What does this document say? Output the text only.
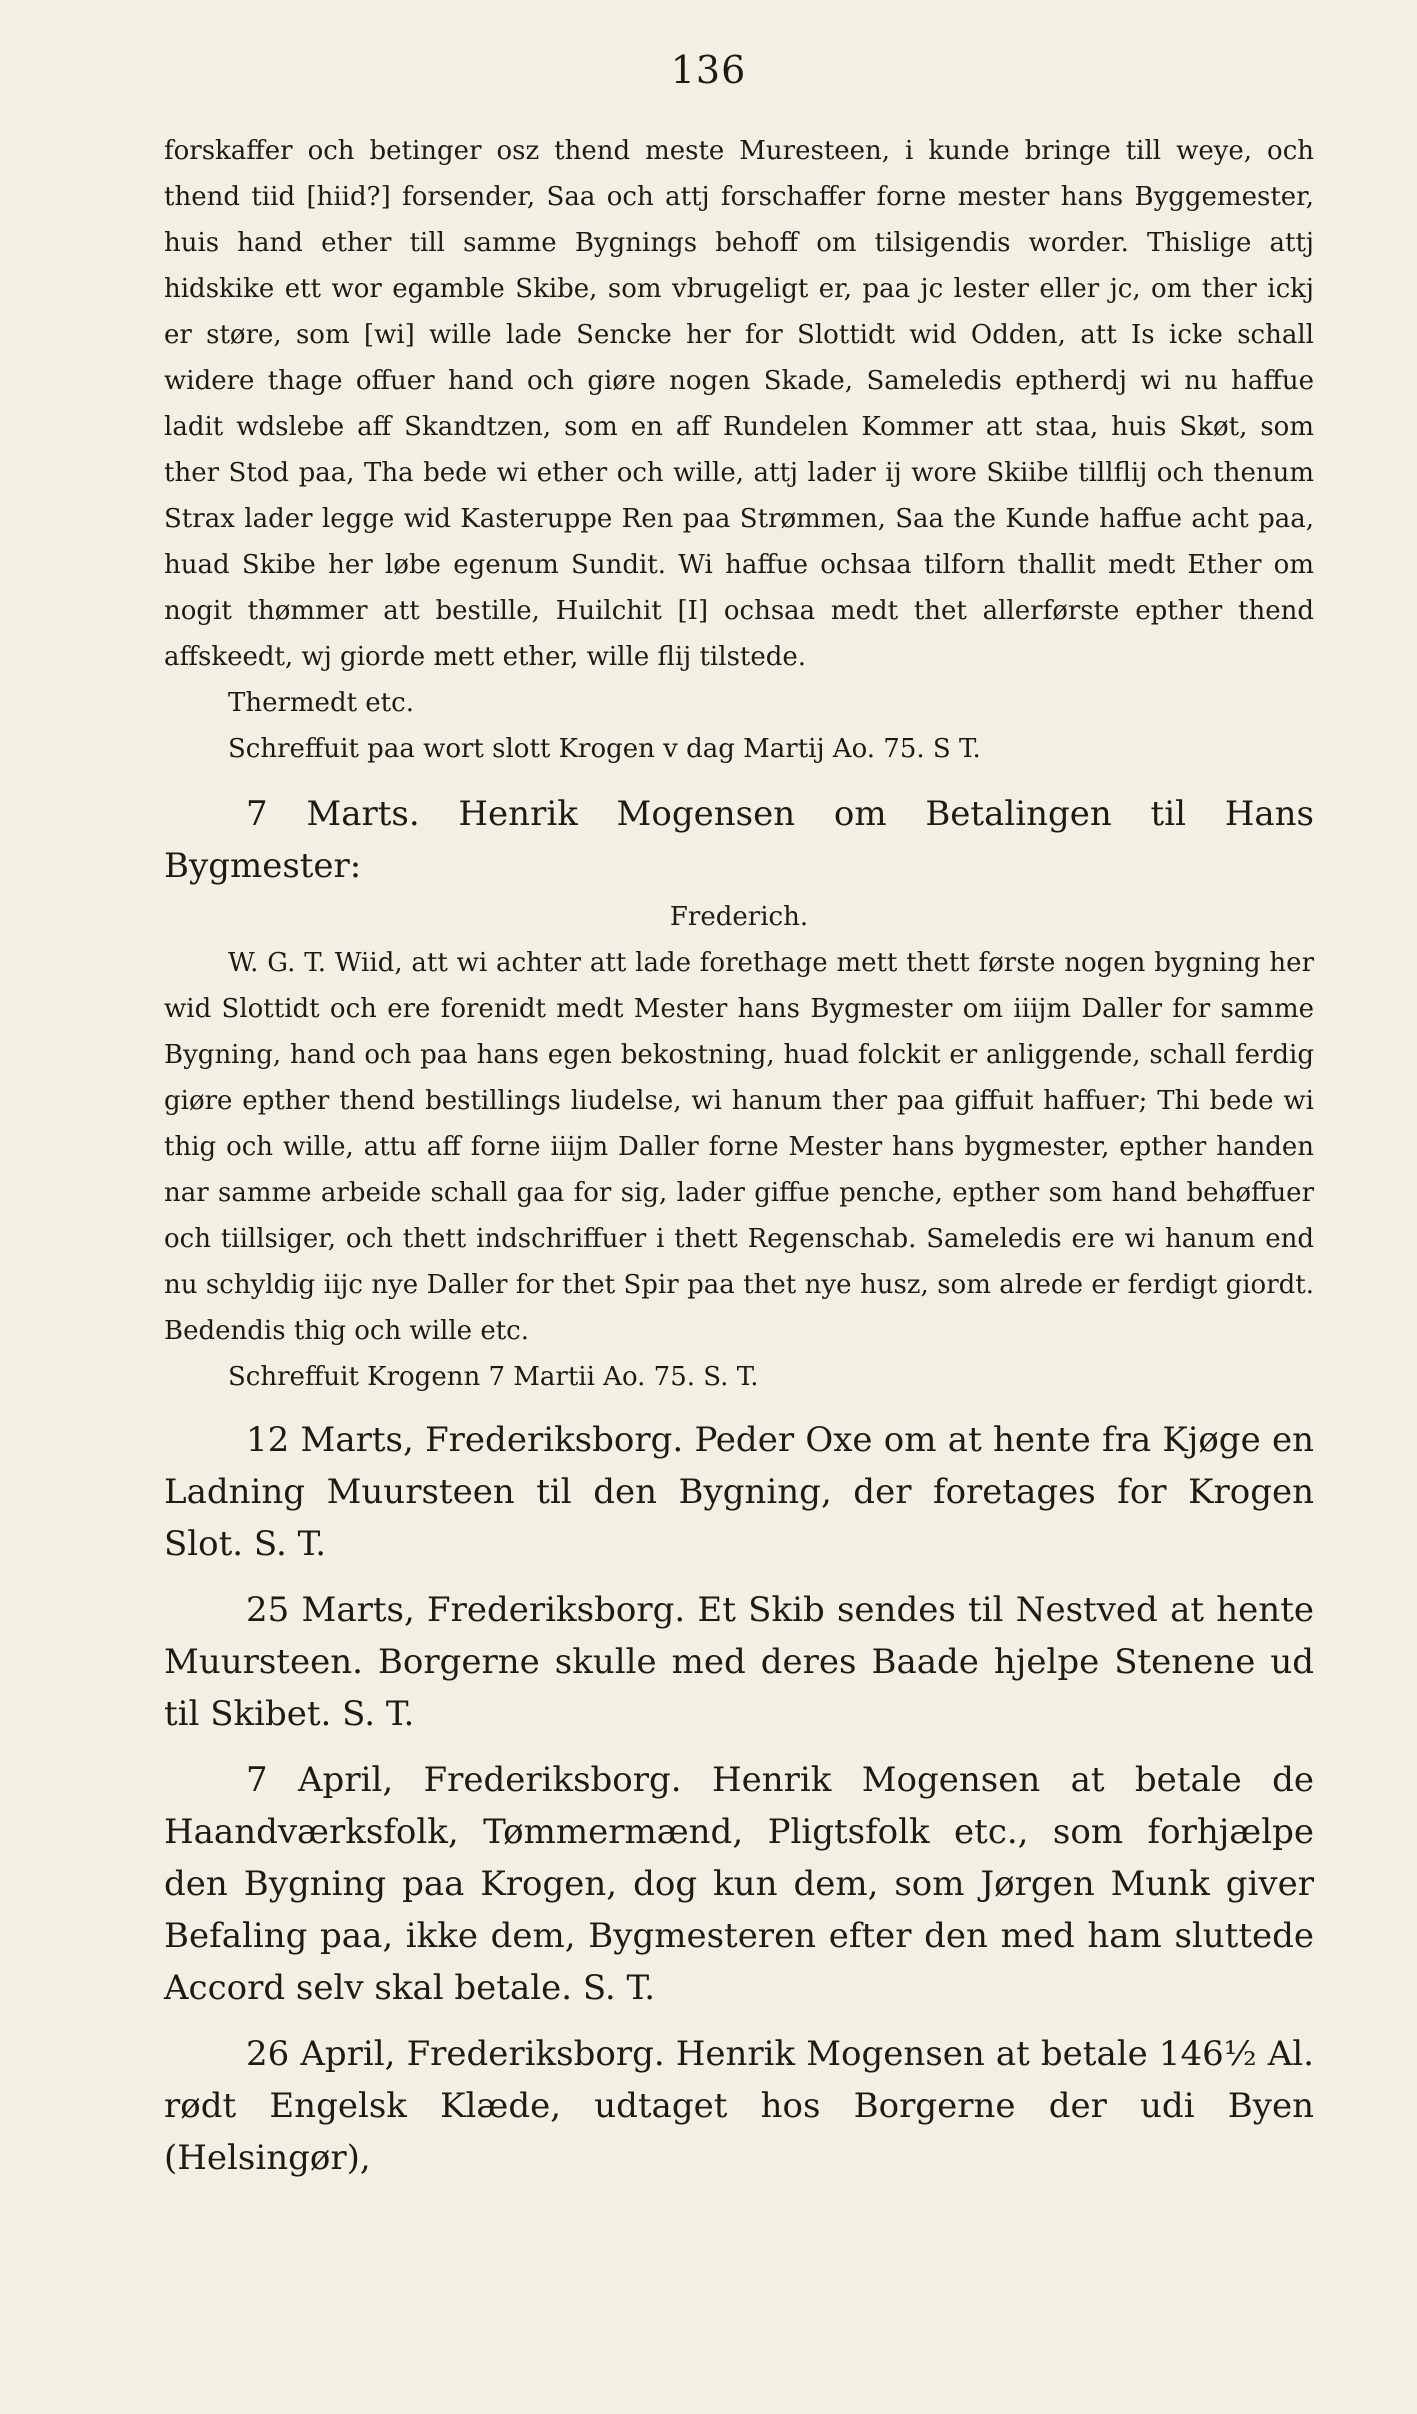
136

forskaffer och betinger osz thend meste Muresteen, i kunde bringe till weye, och thend tiid [hiid?] forsender, Saa och attj forschaffer forne mester hans Byggemester, huis hand ether till samme Bygnings behoff om tilsigendis worder. Thislige attj hidskike ett wor egamble Skibe, som vbrugeligt er, paa jc lester eller jc, om ther ickj er støre, som [wi] wille lade Sencke her for Slottidt wid Odden, att Is icke schall widere thage offuer hand och giøre nogen Skade, Sameledis eptherdj wi nu haffue ladit wdslebe aff Skandtzen, som en aff Rundelen Kommer att staa, huis Skøt, som ther Stod paa, Tha bede wi ether och wille, attj lader ij wore Skiibe tillflij och thenum Strax lader legge wid Kasteruppe Ren paa Strømmen, Saa the Kunde haffue acht paa, huad Skibe her løbe egenum Sundit. Wi haffue ochsaa tilforn thallit medt Ether om nogit thømmer att bestille, Huilchit [I] ochsaa medt thet allerførste epther thend affskeedt, wj giorde mett ether, wille flij tilstede.

Thermedt etc.

Schreffuit paa wort slott Krogen v dag Martij Ao. 75. S T.

7 Marts. Henrik Mogensen om Betalingen til Hans Bygmester:

Frederich.

W. G. T. Wiid, att wi achter att lade forethage mett thett første nogen bygning her wid Slottidt och ere forenidt medt Mester hans Bygmester om iiijm Daller for samme Bygning, hand och paa hans egen bekostning, huad folckit er anliggende, schall ferdig giøre epther thend bestillings liudelse, wi hanum ther paa giffuit haffuer; Thi bede wi thig och wille, attu aff forne iiijm Daller forne Mester hans bygmester, epther handen nar samme arbeide schall gaa for sig, lader giffue penche, epther som hand behøffuer och tiillsiger, och thett indschriffuer i thett Regenschab. Sameledis ere wi hanum end nu schyldig iijc nye Daller for thet Spir paa thet nye husz, som alrede er ferdigt giordt. Bedendis thig och wille etc.

Schreffuit Krogenn 7 Martii Ao. 75. S. T.

12 Marts, Frederiksborg. Peder Oxe om at hente fra Kjøge en Ladning Muursteen til den Bygning, der foretages for Krogen Slot. S. T.

25 Marts, Frederiksborg. Et Skib sendes til Nestved at hente Muursteen. Borgerne skulle med deres Baade hjelpe Stenene ud til Skibet. S. T.

7 April, Frederiksborg. Henrik Mogensen at betale de Haandværksfolk, Tømmermænd, Pligtsfolk etc., som forhjælpe den Bygning paa Krogen, dog kun dem, som Jørgen Munk giver Befaling paa, ikke dem, Bygmesteren efter den med ham sluttede Accord selv skal betale. S. T.

26 April, Frederiksborg. Henrik Mogensen at betale 146½ Al. rødt Engelsk Klæde, udtaget hos Borgerne der udi Byen (Helsingør),
